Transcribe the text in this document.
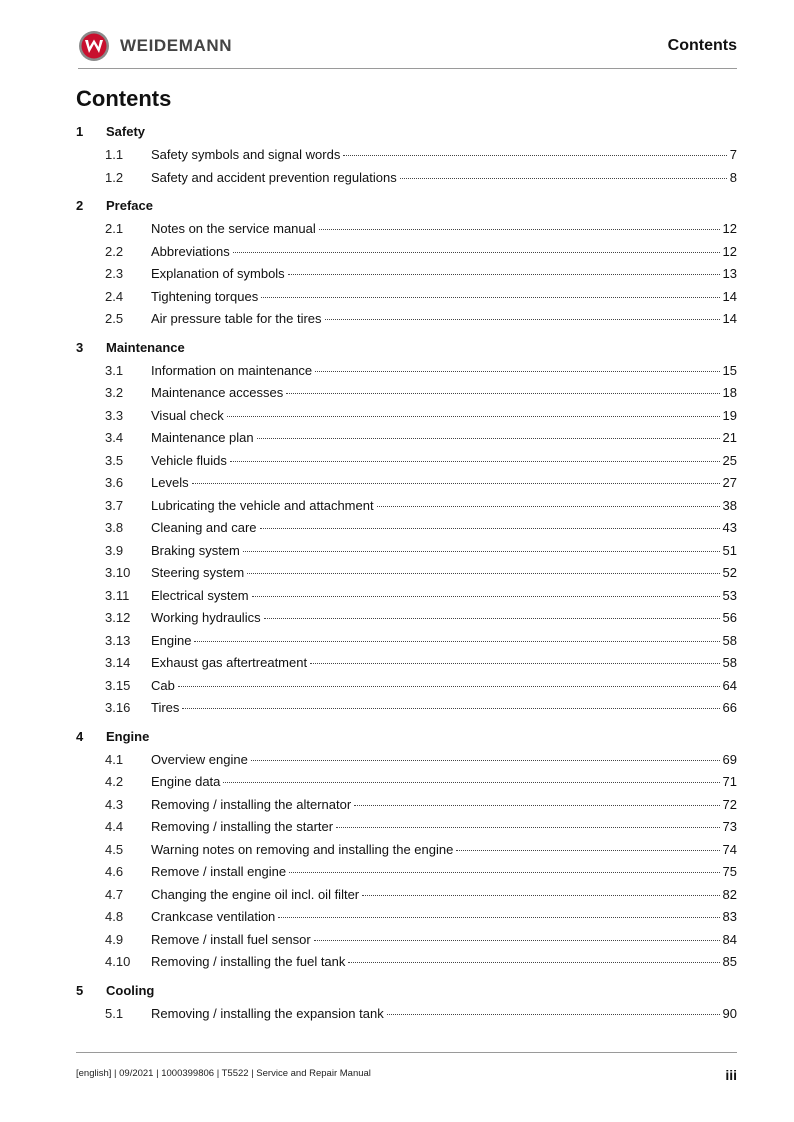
WEIDEMANN	Contents
Contents
1 Safety
1.1 Safety symbols and signal words	7
1.2 Safety and accident prevention regulations	8
2 Preface
2.1 Notes on the service manual	12
2.2 Abbreviations	12
2.3 Explanation of symbols	13
2.4 Tightening torques	14
2.5 Air pressure table for the tires	14
3 Maintenance
3.1 Information on maintenance	15
3.2 Maintenance accesses	18
3.3 Visual check	19
3.4 Maintenance plan	21
3.5 Vehicle fluids	25
3.6 Levels	27
3.7 Lubricating the vehicle and attachment	38
3.8 Cleaning and care	43
3.9 Braking system	51
3.10 Steering system	52
3.11 Electrical system	53
3.12 Working hydraulics	56
3.13 Engine	58
3.14 Exhaust gas aftertreatment	58
3.15 Cab	64
3.16 Tires	66
4 Engine
4.1 Overview engine	69
4.2 Engine data	71
4.3 Removing / installing the alternator	72
4.4 Removing / installing the starter	73
4.5 Warning notes on removing and installing the engine	74
4.6 Remove / install engine	75
4.7 Changing the engine oil incl. oil filter	82
4.8 Crankcase ventilation	83
4.9 Remove / install fuel sensor	84
4.10 Removing / installing the fuel tank	85
5 Cooling
5.1 Removing / installing the expansion tank	90
[english] | 09/2021 | 1000399806 | T5522 | Service and Repair Manual	iii
